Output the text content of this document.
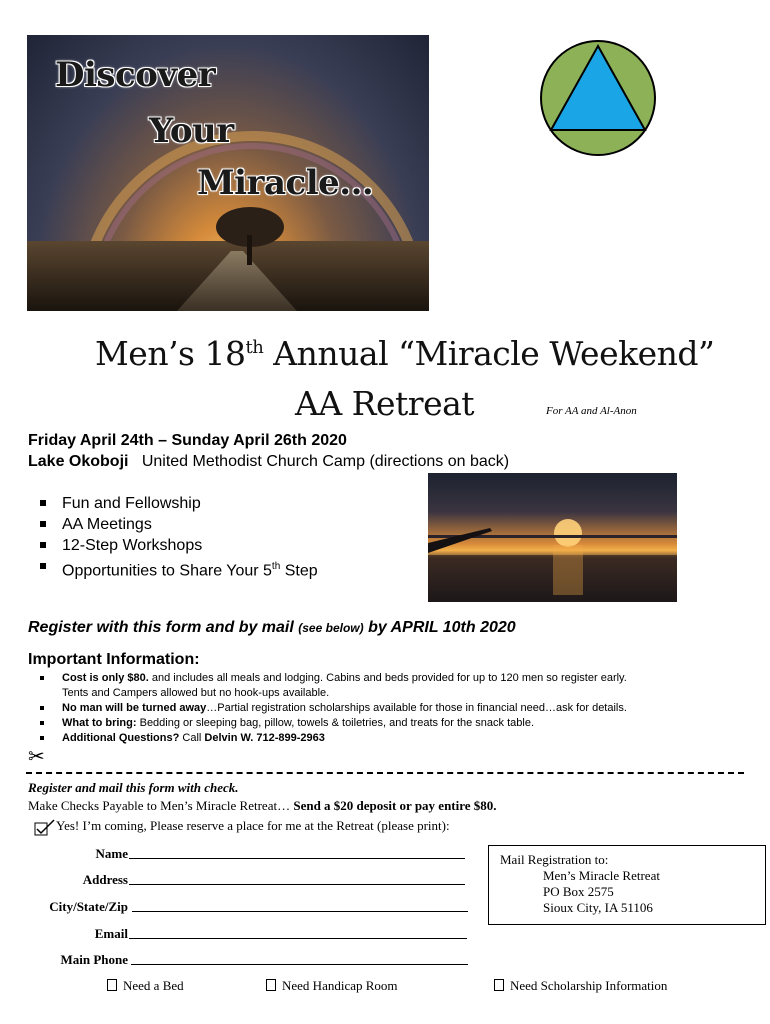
Discover
Your
Miracle...
Men’s 18th Annual “Miracle Weekend”
AA Retreat	For AA and Al-Anon
Friday April 24th – Sunday April 26th 2020
Lake Okoboji United Methodist Church Camp (directions on back)
Fun and Fellowship
AA Meetings
12-Step Workshops
Opportunities to Share Your 5th Step
Register with this form and by mail (see below) by APRIL 10th 2020
Important Information:
Cost is only $80. and includes all meals and lodging. Cabins and beds provided for up to 120 men so register early.
Tents and Campers allowed but no hook-ups available.
No man will be turned away…Partial registration scholarships available for those in financial need…ask for details.
What to bring: Bedding or sleeping bag, pillow, towels & toiletries, and treats for the snack table.
Additional Questions? Call Delvin W. 712-899-2963
✂
Register and mail this form with check.
Make Checks Payable to Men’s Miracle Retreat… Send a $20 deposit or pay entire $80.
Yes! I’m coming, Please reserve a place for me at the Retreat (please print):
Name
Address
City/State/Zip
Email
Main Phone
Mail Registration to:
Men’s Miracle Retreat
PO Box 2575
Sioux City, IA 51106
Need a Bed	Need Handicap Room	Need Scholarship Information
